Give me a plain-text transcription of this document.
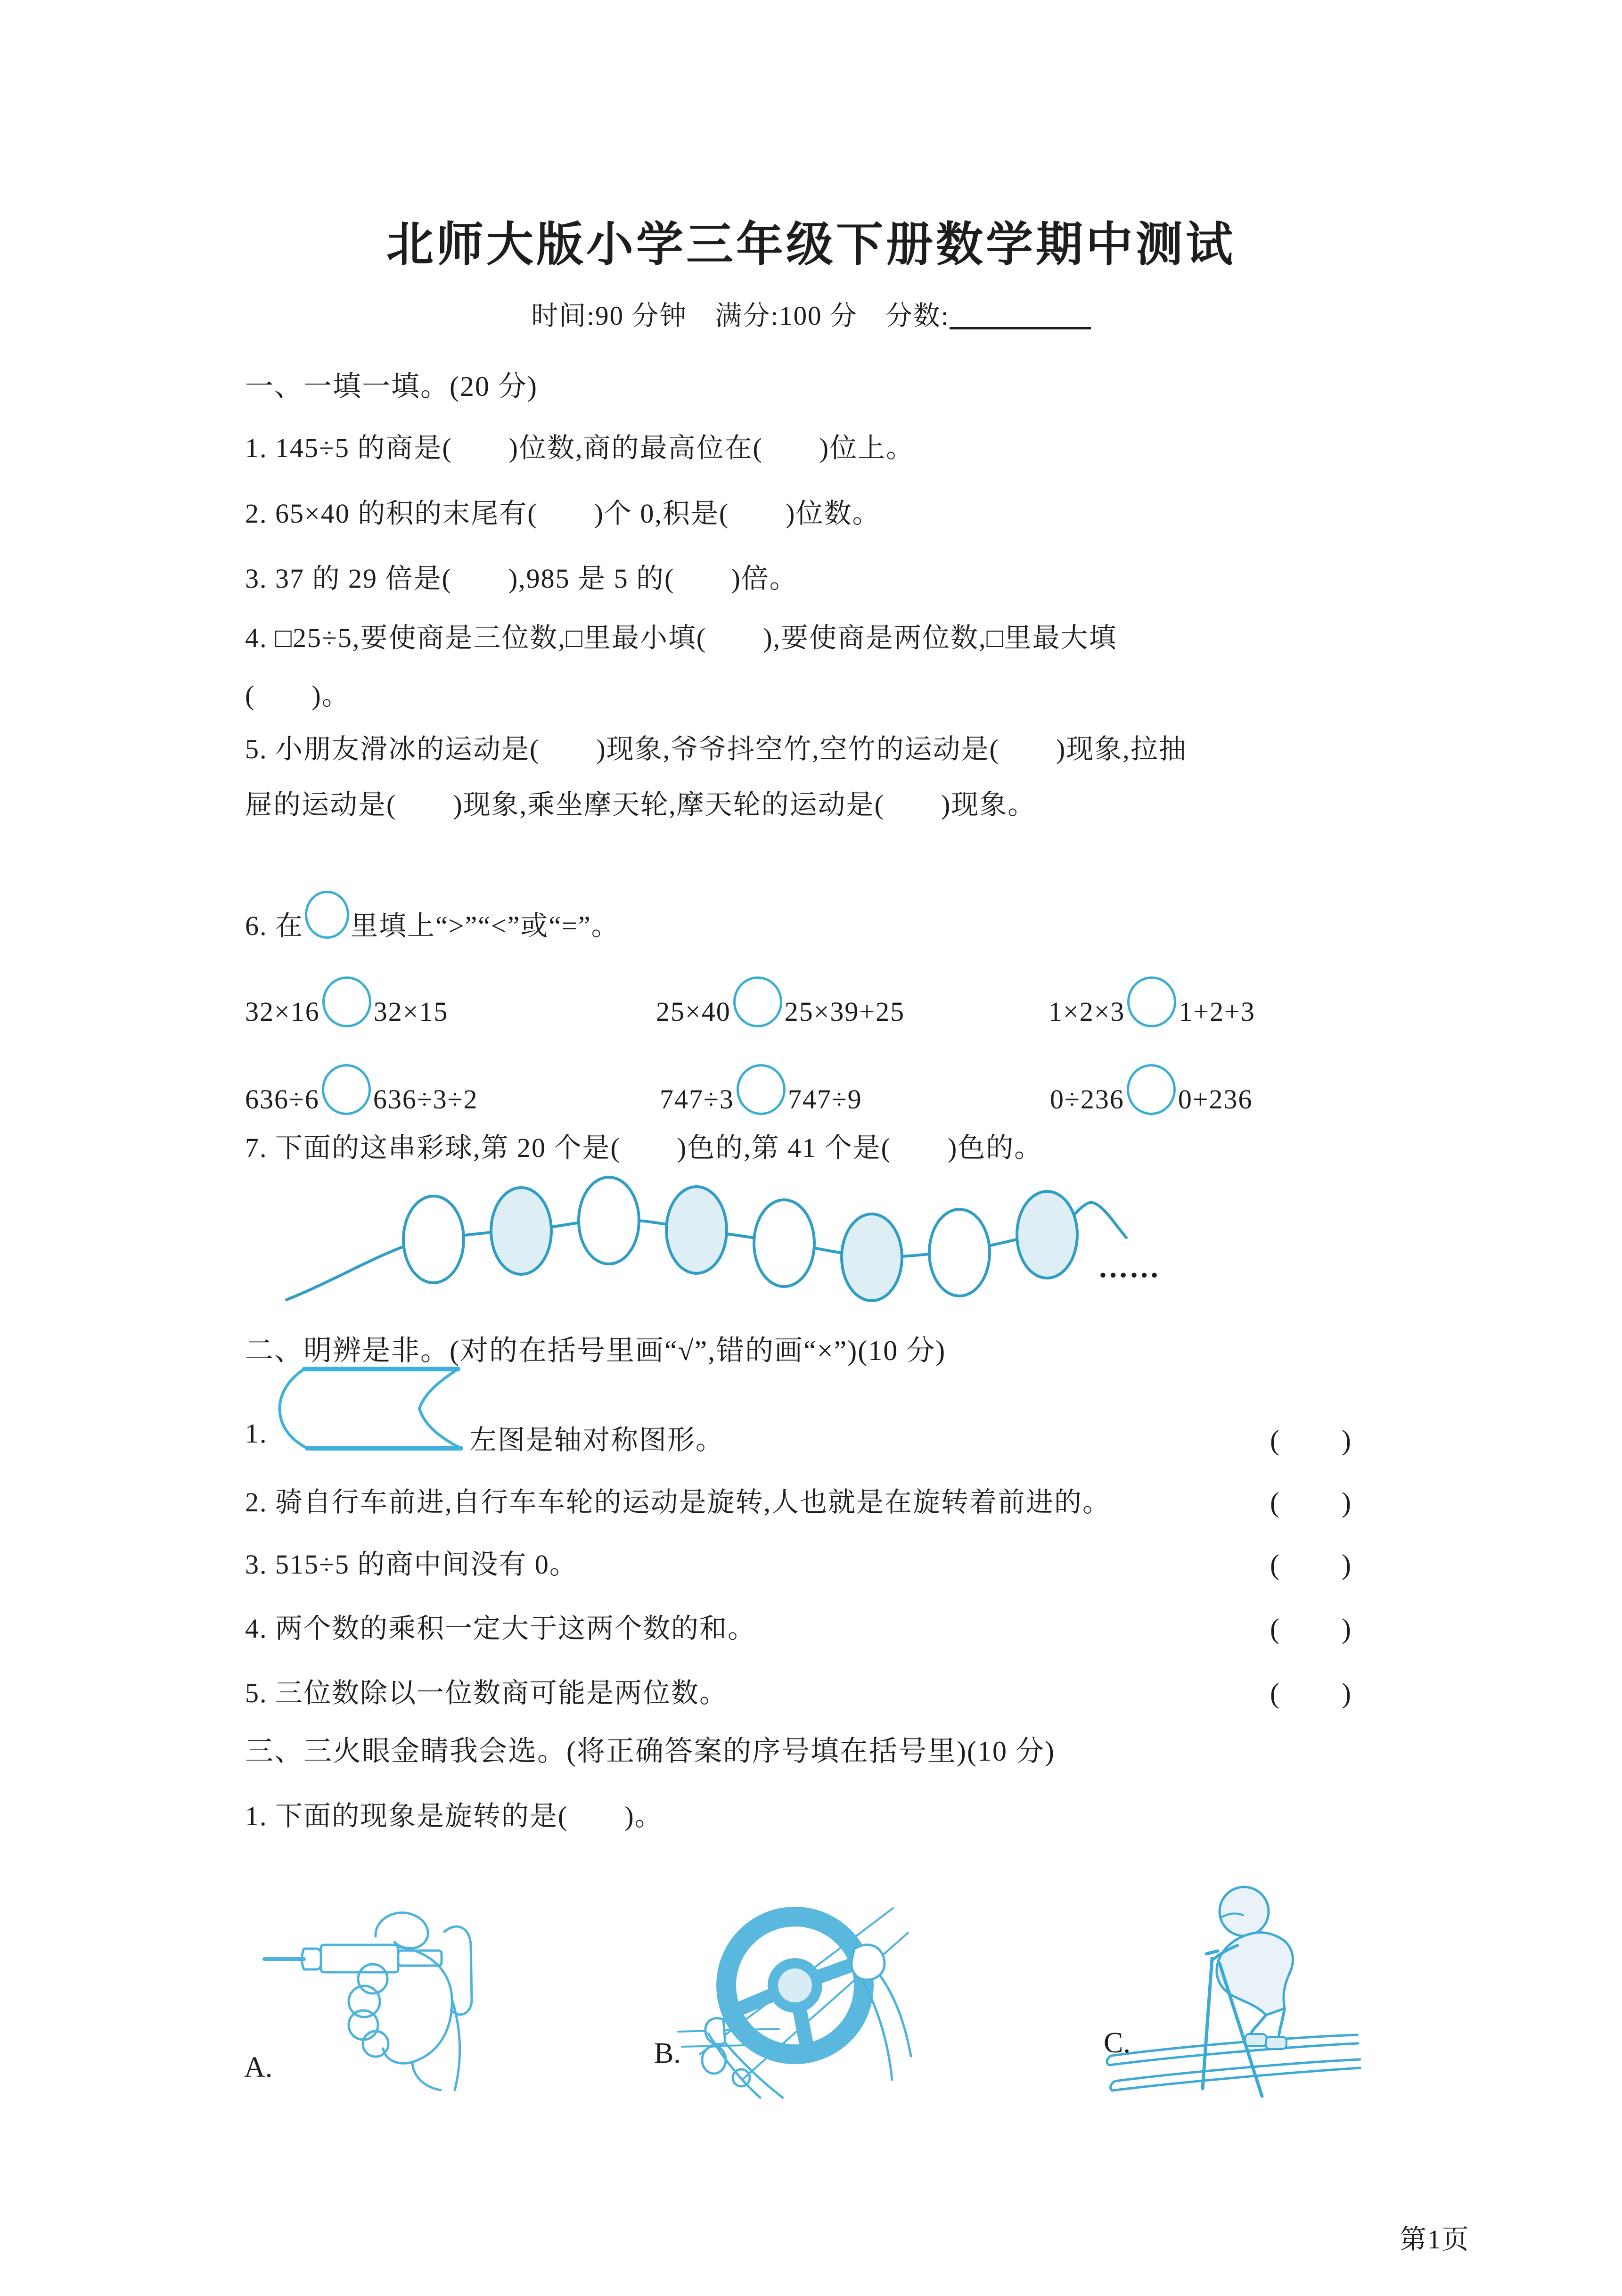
北师大版小学三年级下册数学期中测试
时间:90 分钟　满分:100 分　分数:
一、一填一填。(20 分)
1. 145÷5 的商是(　　)位数,商的最高位在(　　)位上。
2. 65×40 的积的末尾有(　　)个 0,积是(　　)位数。
3. 37 的 29 倍是(　　),985 是 5 的(　　)倍。
4. □25÷5,要使商是三位数,□里最小填(　　),要使商是两位数,□里最大填
(　　)。
5. 小朋友滑冰的运动是(　　)现象,爷爷抖空竹,空竹的运动是(　　)现象,拉抽
屉的运动是(　　)现象,乘坐摩天轮,摩天轮的运动是(　　)现象。
6. 在 里填上“>”“<”或“=”。
32×16 32×15	25×40 25×39+25	1×2×3 1+2+3
636÷6 636÷3÷2	747÷3 747÷9	0÷236 0+236
7. 下面的这串彩球,第 20 个是(　　)色的,第 41 个是(　　)色的。
……
二、明辨是非。(对的在括号里画“√”,错的画“×”)(10 分)
1.	左图是轴对称图形。	(　　)
2. 骑自行车前进,自行车车轮的运动是旋转,人也就是在旋转着前进的。	(　　)
3. 515÷5 的商中间没有 0。	(　　)
4. 两个数的乘积一定大于这两个数的和。	(　　)
5. 三位数除以一位数商可能是两位数。	(　　)
三、三火眼金睛我会选。(将正确答案的序号填在括号里)(10 分)
1. 下面的现象是旋转的是(　　)。
A.	B.	C.
第1页
